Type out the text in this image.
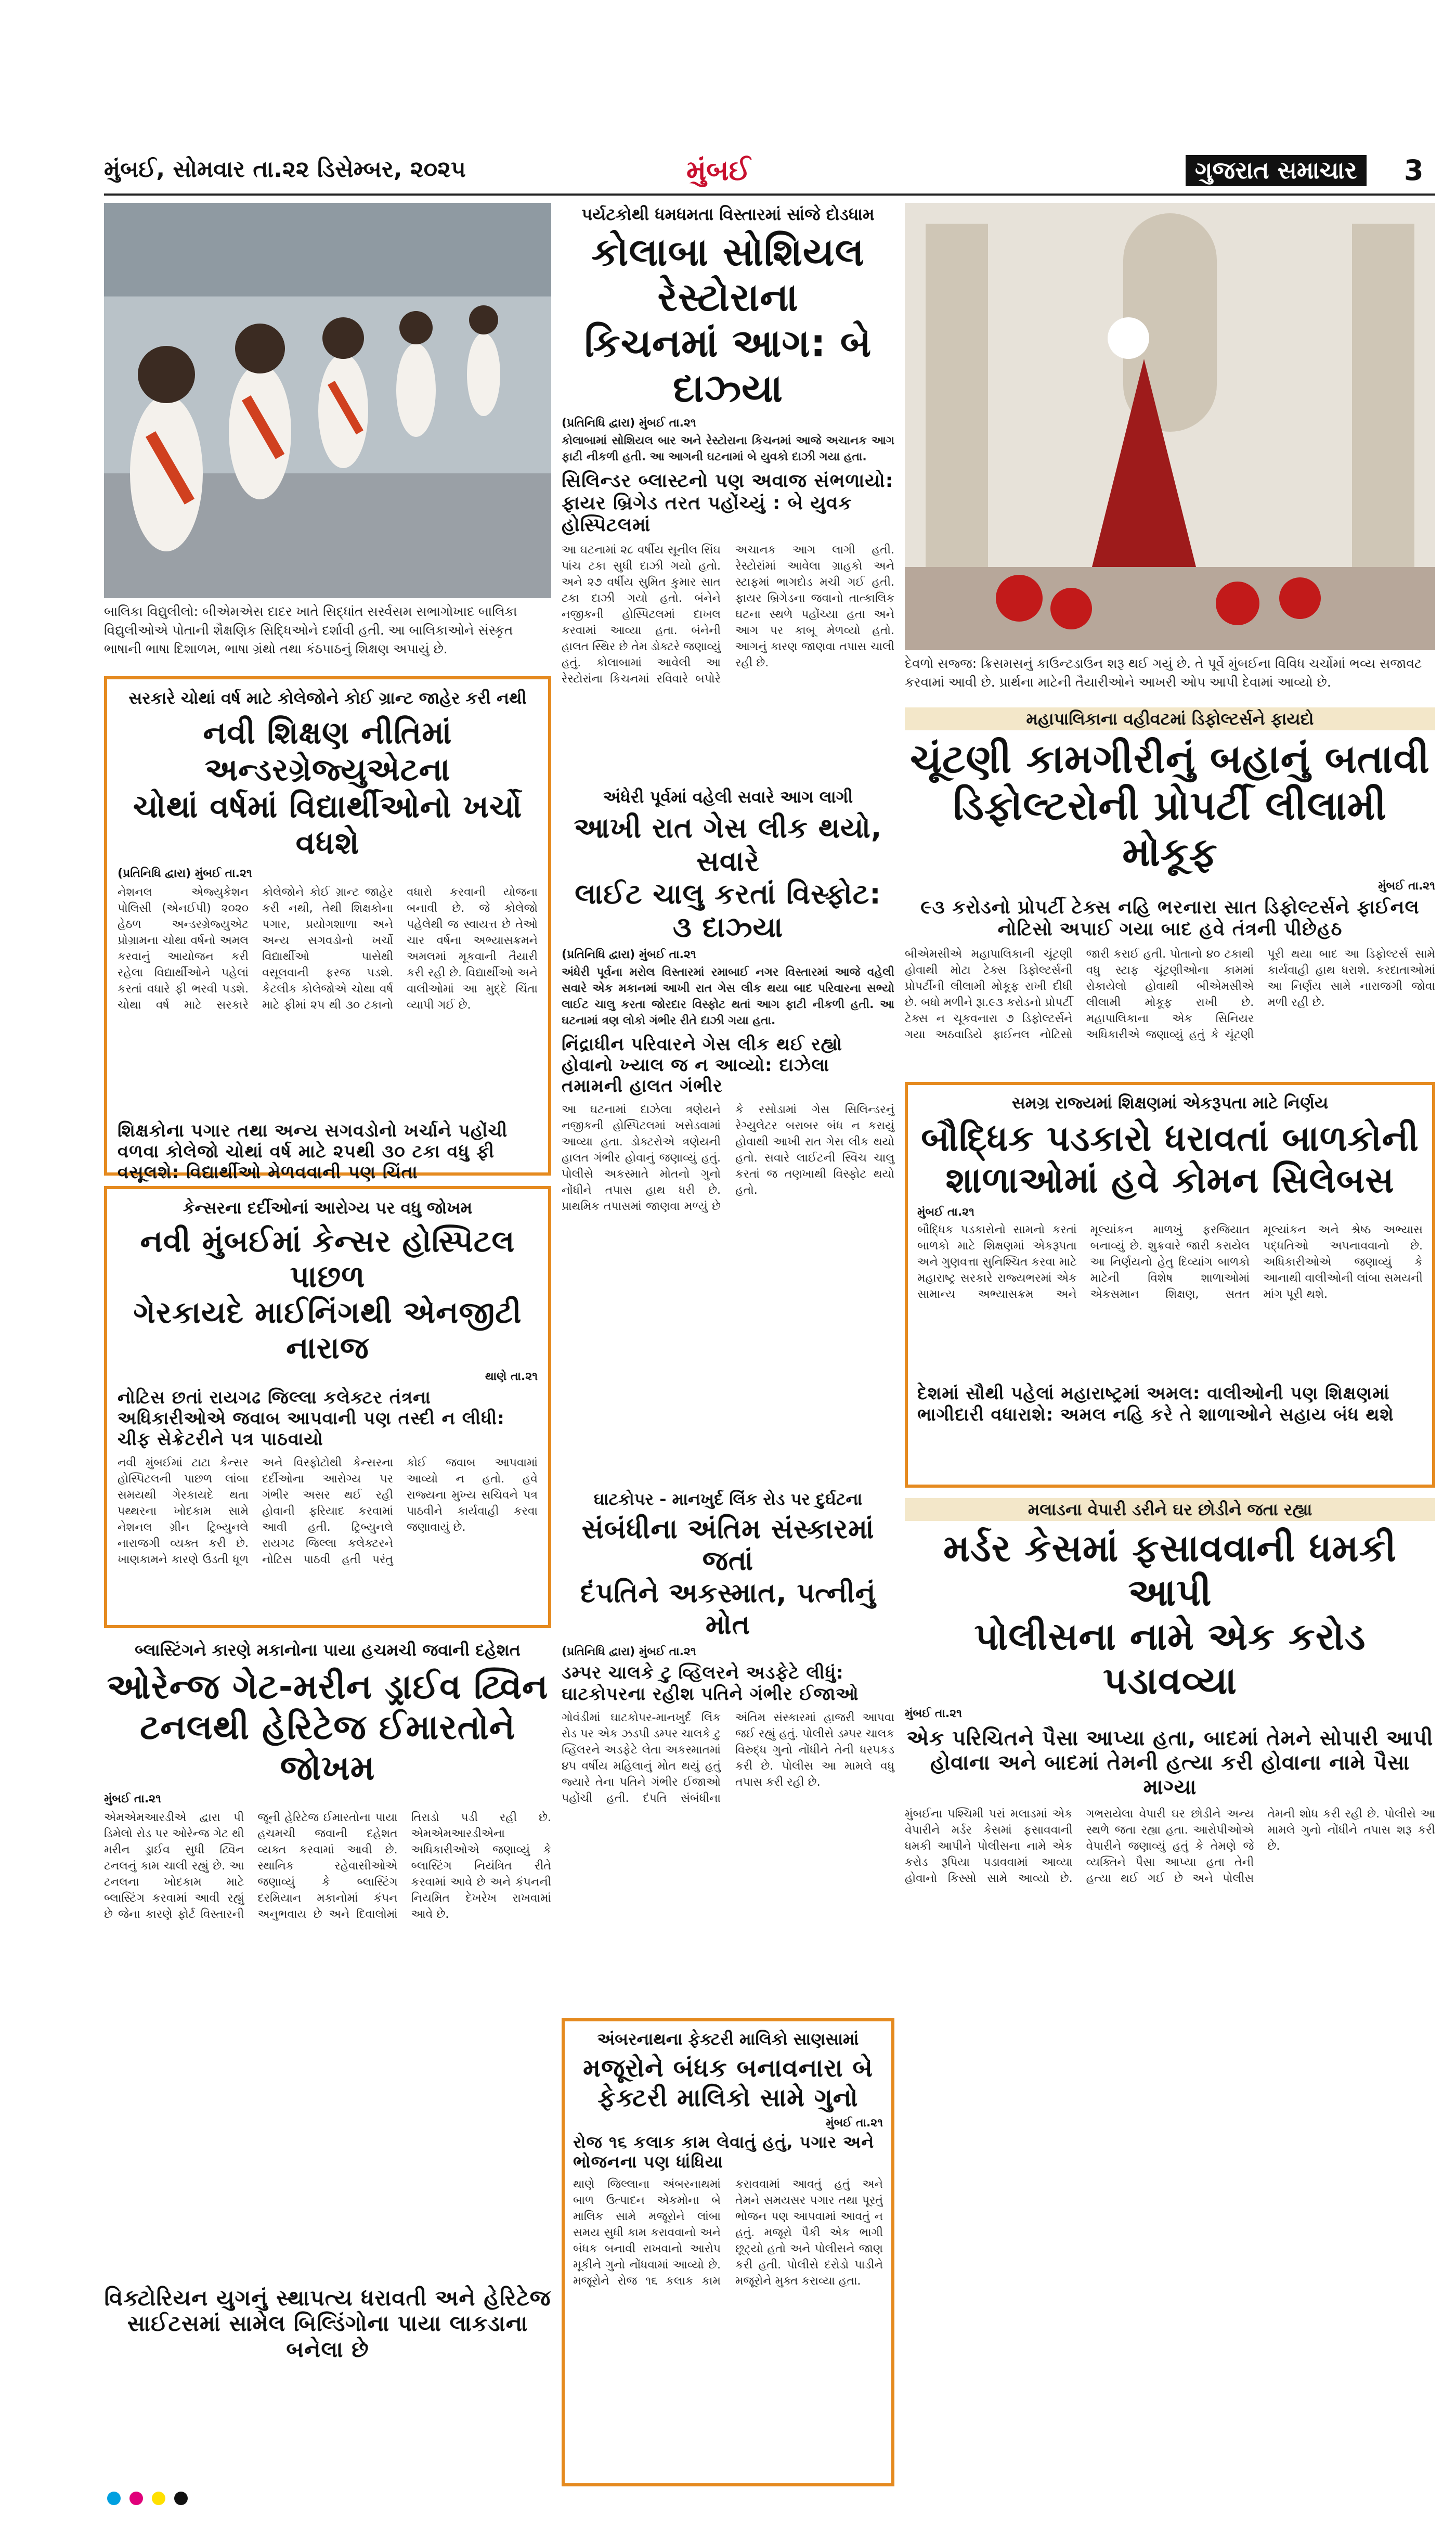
મુંબઈ, સોમવાર તા.૨૨ ડિસેમ્બર, ૨૦૨૫	મુંબઈ	ગુજરાત સમાચાર	3
બાલિકા વિદ્યુલીલો: બીએમએસ દાદર ખાતે સિદ્ધાંત સર્સ્વસમ સભાગોખાદ બાલિકા વિદ્યુલીઓએ પોતાની શૈક્ષણિક સિદ્ધિઓને દર્શાવી હતી. આ બાલિકાઓને સંસ્કૃત ભાષાની ભાષા દિશાળમ, ભાષા ગ્રંથો તથા કંઠપાઠનું શિક્ષણ અપાયું છે.
પર્યટકોથી ધમધમતા વિસ્તારમાં સાંજે દોડધામ
કોલાબા સોશિયલ રેસ્ટોરાના
કિચનમાં આગ: બે દાઝ્યા
(પ્રતિનિધિ દ્વારા) મુંબઈ તા.૨૧
કોલાબામાં સોશિયલ બાર અને રેસ્ટોરાના કિચનમાં આજે અચાનક આગ ફાટી નીકળી હતી. આ આગની ઘટનામાં બે યુવકો દાઝી ગયા હતા.
સિલિન્ડર બ્લાસ્ટનો પણ અવાજ સંભળાયો: ફાયર બ્રિગેડ તરત પહોંચ્યું : બે યુવક હોસ્પિટલમાં
આ ઘટનામાં ૨૮ વર્ષીય સૂનીલ સિંઘ પાંચ ટકા સુધી દાઝી ગયો હતો. અને ૨૭ વર્ષીય સુમિત કુમાર સાત ટકા દાઝી ગયો હતો. બંનેને નજીકની હોસ્પિટલમાં દાખલ કરવામાં આવ્યા હતા. બંનેની હાલત સ્થિર છે તેમ ડોક્ટરે જણાવ્યું હતું. કોલાબામાં આવેલી આ રેસ્ટોરાંના કિચનમાં રવિવારે બપોરે અચાનક આગ લાગી હતી. રેસ્ટોરાંમાં આવેલા ગ્રાહકો અને સ્ટાફમાં ભાગદોડ મચી ગઈ હતી. ફાયર બ્રિગેડના જવાનો તાત્કાલિક ઘટના સ્થળે પહોંચ્યા હતા અને આગ પર કાબૂ મેળવ્યો હતો. આગનું કારણ જાણવા તપાસ ચાલી રહી છે.	દેવળો સજ્જ: ક્રિસમસનું કાઉન્ટડાઉન શરૂ થઈ ગયું છે. તે પૂર્વે મુંબઈના વિવિધ ચર્ચોમાં ભવ્ય સજાવટ કરવામાં આવી છે. પ્રાર્થના માટેની તૈયારીઓને આખરી ઓપ આપી દેવામાં આવ્યો છે.
સરકારે ચોથાં વર્ષ માટે કોલેજોને કોઈ ગ્રાન્ટ જાહેર કરી નથી
નવી શિક્ષણ નીતિમાં અન્ડરગ્રેજ્યુએટના
ચોથાં વર્ષમાં વિદ્યાર્થીઓનો ખર્ચો વધશે
(પ્રતિનિધિ દ્વારા) મુંબઈ તા.૨૧
નેશનલ એજ્યુકેશન પોલિસી (એનઈપી) ૨૦૨૦ હેઠળ અન્ડરગ્રેજ્યુએટ પ્રોગ્રામના ચોથા વર્ષનો અમલ કરવાનું આયોજન કરી રહેલા વિદ્યાર્થીઓને પહેલાં કરતાં વધારે ફી ભરવી પડશે. ચોથા વર્ષ માટે સરકારે કોલેજોને કોઈ ગ્રાન્ટ જાહેર કરી નથી, તેથી શિક્ષકોના પગાર, પ્રયોગશાળા અને અન્ય સગવડોનો ખર્ચો વિદ્યાર્થીઓ પાસેથી વસૂલવાની ફરજ પડશે. કેટલીક કોલેજોએ ચોથા વર્ષ માટે ફીમાં ૨૫ થી ૩૦ ટકાનો વધારો કરવાની યોજના બનાવી છે. જે કોલેજો પહેલેથી જ સ્વાયત્ત છે તેઓ ચાર વર્ષના અભ્યાસક્રમને અમલમાં મૂકવાની તૈયારી કરી રહી છે. વિદ્યાર્થીઓ અને વાલીઓમાં આ મુદ્દે ચિંતા વ્યાપી ગઈ છે.
શિક્ષકોના પગાર તથા અન્ય સગવડોનો ખર્ચાને પહોંચી વળવા કોલેજો ચોથાં વર્ષ માટે ૨૫થી ૩૦ ટકા વધુ ફી વસૂલશે: વિદ્યાર્થીઓ મેળવવાની પણ ચિંતા
અંધેરી પૂર્વમાં વહેલી સવારે આગ લાગી
આખી રાત ગેસ લીક થયો, સવારે
લાઈટ ચાલુ કરતાં વિસ્ફોટ: ૩ દાઝ્યા
(પ્રતિનિધિ દ્વારા) મુંબઈ તા.૨૧
અંધેરી પૂર્વના મરોલ વિસ્તારમાં રમાબાઈ નગર વિસ્તારમાં આજે વહેલી સવારે એક મકાનમાં આખી રાત ગેસ લીક થયા બાદ પરિવારના સભ્યો લાઈટ ચાલુ કરતા જોરદાર વિસ્ફોટ થતાં આગ ફાટી નીકળી હતી. આ ઘટનામાં ત્રણ લોકો ગંભીર રીતે દાઝી ગયા હતા.
નિંદ્રાધીન પરિવારને ગેસ લીક થઈ રહ્યો હોવાનો ખ્યાલ જ ન આવ્યો: દાઝેલા તમામની હાલત ગંભીર
આ ઘટનામાં દાઝેલા ત્રણેયને નજીકની હોસ્પિટલમાં ખસેડવામાં આવ્યા હતા. ડોક્ટરોએ ત્રણેયની હાલત ગંભીર હોવાનું જણાવ્યું હતું. પોલીસે અકસ્માતે મોતનો ગુનો નોંધીને તપાસ હાથ ધરી છે. પ્રાથમિક તપાસમાં જાણવા મળ્યું છે કે રસોડામાં ગેસ સિલિન્ડરનું રેગ્યુલેટર બરાબર બંધ ન કરાયું હોવાથી આખી રાત ગેસ લીક થયો હતો. સવારે લાઈટની સ્વિચ ચાલુ કરતાં જ તણખાથી વિસ્ફોટ થયો હતો.
મહાપાલિકાના વહીવટમાં ડિફોલ્ટર્સને ફાયદો
ચૂંટણી કામગીરીનું બહાનું બતાવી
ડિફોલ્ટરોની પ્રોપર્ટી લીલામી મોકૂફ
મુંબઈ તા.૨૧
૯૩ કરોડનો પ્રોપર્ટી ટેક્સ નહિ ભરનારા સાત ડિફોલ્ટર્સને ફાઈનલ નોટિસો અપાઈ ગયા બાદ હવે તંત્રની પીછેહઠ
બીએમસીએ મહાપાલિકાની ચૂંટણી હોવાથી મોટા ટેક્સ ડિફોલ્ટર્સની પ્રોપર્ટીની લીલામી મોકૂફ રાખી દીધી છે. બધો મળીને રૂા.૯૩ કરોડનો પ્રોપર્ટી ટેક્સ ન ચૂકવનારા ૭ ડિફોલ્ટર્સને ગયા અઠવાડિયે ફાઈનલ નોટિસો જારી કરાઈ હતી. પોતાનો ૪૦ ટકાથી વધુ સ્ટાફ ચૂંટણીઓના કામમાં રોકાયેલો હોવાથી બીએમસીએ લીલામી મોકૂફ રાખી છે. મહાપાલિકાના એક સિનિયર અધિકારીએ જણાવ્યું હતું કે ચૂંટણી પૂરી થયા બાદ આ ડિફોલ્ટર્સ સામે કાર્યવાહી હાથ ધરાશે. કરદાતાઓમાં આ નિર્ણય સામે નારાજગી જોવા મળી રહી છે.
સમગ્ર રાજ્યમાં શિક્ષણમાં એકરૂપતા માટે નિર્ણય
બૌદ્ધિક પડકારો ધરાવતાં બાળકોની
શાળાઓમાં હવે કોમન સિલેબસ
મુંબઈ તા.૨૧
બૌદ્ધિક પડકારોનો સામનો કરતાં બાળકો માટે શિક્ષણમાં એકરૂપતા અને ગુણવત્તા સુનિશ્ચિત કરવા માટે મહારાષ્ટ્ર સરકારે રાજ્યભરમાં એક સામાન્ય અભ્યાસક્રમ અને મૂલ્યાંકન માળખું ફરજિયાત બનાવ્યું છે. શુક્રવારે જારી કરાયેલ આ નિર્ણયનો હેતુ દિવ્યાંગ બાળકો માટેની વિશેષ શાળાઓમાં એકસમાન શિક્ષણ, સતત મૂલ્યાંકન અને શ્રેષ્ઠ અભ્યાસ પદ્ધતિઓ અપનાવવાનો છે. અધિકારીઓએ જણાવ્યું કે આનાથી વાલીઓની લાંબા સમયની માંગ પૂરી થશે.
દેશમાં સૌથી પહેલાં મહારાષ્ટ્રમાં અમલ: વાલીઓની પણ શિક્ષણમાં ભાગીદારી વધારાશે: અમલ નહિ કરે તે શાળાઓને સહાય બંધ થશે
કેન્સરના દર્દીઓનાં આરોગ્ય પર વધુ જોખમ
નવી મુંબઈમાં કેન્સર હોસ્પિટલ પાછળ
ગેરકાયદે માઈનિંગથી એનજીટી નારાજ
થાણે તા.૨૧
નોટિસ છતાં રાયગઢ જિલ્લા કલેક્ટર તંત્રના અધિકારીઓએ જવાબ આપવાની પણ તસ્દી ન લીધી: ચીફ સેક્રેટરીને પત્ર પાઠવાયો
નવી મુંબઈમાં ટાટા કેન્સર હોસ્પિટલની પાછળ લાંબા સમયથી ગેરકાયદે થતા પથ્થરના ખોદકામ સામે નેશનલ ગ્રીન ટ્રિબ્યુનલે નારાજગી વ્યક્ત કરી છે. ખાણકામને કારણે ઉડતી ધૂળ અને વિસ્ફોટોથી કેન્સરના દર્દીઓના આરોગ્ય પર ગંભીર અસર થઈ રહી હોવાની ફરિયાદ કરવામાં આવી હતી. ટ્રિબ્યુનલે રાયગઢ જિલ્લા કલેક્ટરને નોટિસ પાઠવી હતી પરંતુ કોઈ જવાબ આપવામાં આવ્યો ન હતો. હવે રાજ્યના મુખ્ય સચિવને પત્ર પાઠવીને કાર્યવાહી કરવા જણાવાયું છે.
ઘાટકોપર - માનખુર્દ લિંક રોડ પર દુર્ઘટના
સંબંધીના અંતિમ સંસ્કારમાં જતાં
દંપતિને અકસ્માત, પત્નીનું મોત
(પ્રતિનિધિ દ્વારા) મુંબઈ તા.૨૧
ડમ્પર ચાલકે ટુ વ્હિલરને અડફેટે લીધું: ઘાટકોપરના રહીશ પતિને ગંભીર ઈજાઓ
ગોવંડીમાં ઘાટકોપર-માનખુર્દ લિંક રોડ પર એક ઝડપી ડમ્પર ચાલકે ટુ વ્હિલરને અડફેટે લેતા અકસ્માતમાં ૪૫ વર્ષીય મહિલાનું મોત થયું હતું જ્યારે તેના પતિને ગંભીર ઈજાઓ પહોંચી હતી. દંપતિ સંબંધીના અંતિમ સંસ્કારમાં હાજરી આપવા જઈ રહ્યું હતું. પોલીસે ડમ્પર ચાલક વિરુદ્ધ ગુનો નોંધીને તેની ધરપકડ કરી છે. પોલીસ આ મામલે વધુ તપાસ કરી રહી છે.
મલાડના વેપારી ડરીને ઘર છોડીને જતા રહ્યા
મર્ડર કેસમાં ફસાવવાની ધમકી આપી
પોલીસના નામે એક કરોડ પડાવવ્યા
મુંબઈ તા.૨૧
એક પરિચિતને પૈસા આપ્યા હતા, બાદમાં તેમને સોપારી આપી હોવાના અને બાદમાં તેમની હત્યા કરી હોવાના નામે પૈસા માગ્યા
મુંબઈના પશ્ચિમી પરાં મલાડમાં એક વેપારીને મર્ડર કેસમાં ફસાવવાની ધમકી આપીને પોલીસના નામે એક કરોડ રૂપિયા પડાવવામાં આવ્યા હોવાનો કિસ્સો સામે આવ્યો છે. ગભરાયેલા વેપારી ઘર છોડીને અન્ય સ્થળે જતા રહ્યા હતા. આરોપીઓએ વેપારીને જણાવ્યું હતું કે તેમણે જે વ્યક્તિને પૈસા આપ્યા હતા તેની હત્યા થઈ ગઈ છે અને પોલીસ તેમની શોધ કરી રહી છે. પોલીસે આ મામલે ગુનો નોંધીને તપાસ શરૂ કરી છે.
બ્લાસ્ટિંગને કારણે મકાનોના પાયા હચમચી જવાની દહેશત
ઓરેન્જ ગેટ-મરીન ડ્રાઈવ ટ્વિન
ટનલથી હેરિટેજ ઈમારતોને જોખમ
મુંબઈ તા.૨૧
એમએમઆરડીએ દ્વારા પી ડિમેલો રોડ પર ઓરેન્જ ગેટ થી મરીન ડ્રાઈવ સુધી ટ્વિન ટનલનું કામ ચાલી રહ્યું છે. આ ટનલના ખોદકામ માટે બ્લાસ્ટિંગ કરવામાં આવી રહ્યું છે જેના કારણે ફોર્ટ વિસ્તારની જૂની હેરિટેજ ઈમારતોના પાયા હચમચી જવાની દહેશત વ્યક્ત કરવામાં આવી છે. સ્થાનિક રહેવાસીઓએ જણાવ્યું કે બ્લાસ્ટિંગ દરમિયાન મકાનોમાં કંપન અનુભવાય છે અને દિવાલોમાં તિરાડો પડી રહી છે. એમએમઆરડીએના અધિકારીઓએ જણાવ્યું કે બ્લાસ્ટિંગ નિયંત્રિત રીતે કરવામાં આવે છે અને કંપનની નિયમિત દેખરેખ રાખવામાં આવે છે.
વિક્ટોરિયન યુગનું સ્થાપત્ય ધરાવતી અને હેરિટેજ સાઈટસમાં સામેલ બિલ્ડિંગોના પાયા લાકડાના બનેલા છે
અંબરનાથના ફેક્ટરી માલિકો સાણસામાં
મજૂરોને બંધક બનાવનારા બે
ફેક્ટરી માલિકો સામે ગુનો
મુંબઈ તા.૨૧
રોજ ૧૬ કલાક કામ લેવાતું હતું, પગાર અને ભોજનના પણ ધાંધિયા
થાણે જિલ્લાના અંબરનાથમાં બાળ ઉત્પાદન એકમોના બે માલિક સામે મજૂરોને લાંબા સમય સુધી કામ કરાવવાનો અને બંધક બનાવી રાખવાનો આરોપ મૂકીને ગુનો નોંધવામાં આવ્યો છે. મજૂરોને રોજ ૧૬ કલાક કામ કરાવવામાં આવતું હતું અને તેમને સમયસર પગાર તથા પૂરતું ભોજન પણ આપવામાં આવતું ન હતું. મજૂરો પૈકી એક ભાગી છૂટ્યો હતો અને પોલીસને જાણ કરી હતી. પોલીસે દરોડો પાડીને મજૂરોને મુક્ત કરાવ્યા હતા.
